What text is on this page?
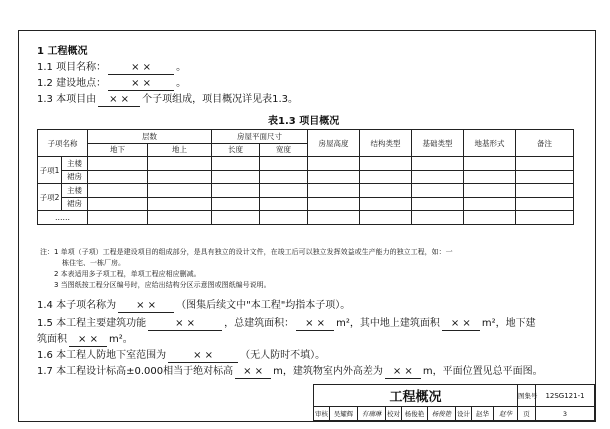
1 工程概况
1.1 项目名称：	× ×	。
1.2 建设地点：	× ×	。
1.3 本项目由 × × 个子项组成，项目概况详见表1.3。
表1.3 项目概况
子项名称		层数		房屋平面尺寸		房屋高度	结构类型	基础类型	地基形式	备注
		地下	地上	长度	宽度					
子项1	主楼									
	裙房									
子项2	主楼									
	裙房									
……										
注：1 单项（子项）工程是建设项目的组成部分，是具有独立的设计文件，在竣工后可以独立发挥效益或生产能力的独立工程，如：一
栋住宅、一栋厂房。
2 本表适用多子项工程，单项工程应相应删减。
3 当图纸按工程分区编号时，应给出结构分区示意图或图纸编号说明。
1.4 本子项名称为 × × （图集后续文中"本工程"均指本子项）。
1.5 本工程主要建筑功能	× ×	，总建筑面积： × × m²，其中地上建筑面积 × × m²，地下建
筑面积 × × m²。
1.6 本工程人防地下室范围为	× ×	（无人防时不填）。
1.7 本工程设计标高±0.000相当于绝对标高 × × m，建筑物室内外高差为 × × m，平面位置见总平面图。
工程概况									图集号	12SG121-1
审核	吴耀辉	有瑞琳	校对	杨俊艳	杨俊艳	设计	赵华	赵华	页	3
